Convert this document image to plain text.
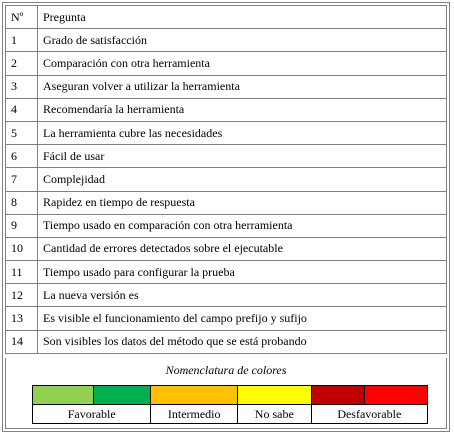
Nº	Pregunta
1	Grado de satisfacción
2	Comparación con otra herramienta
3	Aseguran volver a utilizar la herramienta
4	Recomendaría la herramienta
5	La herramienta cubre las necesidades
6	Fácil de usar
7	Complejidad
8	Rapidez en tiempo de respuesta
9	Tiempo usado en comparación con otra herramienta
10	Cantidad de errores detectados sobre el ejecutable
11	Tiempo usado para configurar la prueba
12	La nueva versión es
13	Es visible el funcionamiento del campo prefijo y sufijo
14	Son visibles los datos del método que se está probando
Nomenclatura de colores
Favorable	Intermedio	No sabe	Desfavorable
